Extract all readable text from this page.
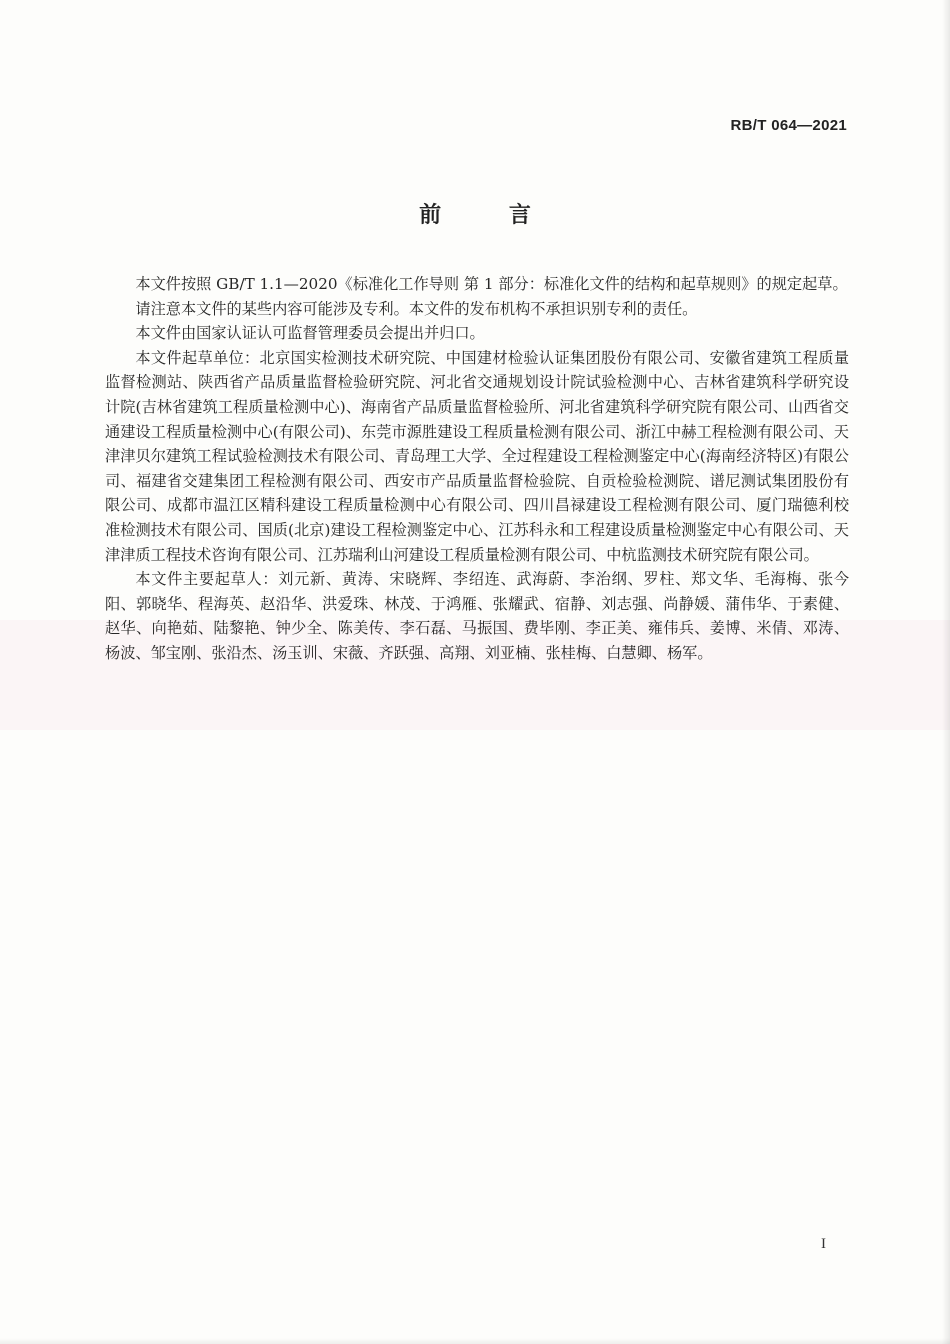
RB/T 064—2021
前 言

本文件按照 GB/T 1.1—2020《标准化工作导则 第 1 部分：标准化文件的结构和起草规则》的规定起草。

请注意本文件的某些内容可能涉及专利。本文件的发布机构不承担识别专利的责任。

本文件由国家认证认可监督管理委员会提出并归口。

本文件起草单位：北京国实检测技术研究院、中国建材检验认证集团股份有限公司、安徽省建筑工程质量监督检测站、陕西省产品质量监督检验研究院、河北省交通规划设计院试验检测中心、吉林省建筑科学研究设计院(吉林省建筑工程质量检测中心)、海南省产品质量监督检验所、河北省建筑科学研究院有限公司、山西省交通建设工程质量检测中心(有限公司)、东莞市源胜建设工程质量检测有限公司、浙江中赫工程检测有限公司、天津津贝尔建筑工程试验检测技术有限公司、青岛理工大学、全过程建设工程检测鉴定中心(海南经济特区)有限公司、福建省交建集团工程检测有限公司、西安市产品质量监督检验院、自贡检验检测院、谱尼测试集团股份有限公司、成都市温江区精科建设工程质量检测中心有限公司、四川昌禄建设工程检测有限公司、厦门瑞德利校准检测技术有限公司、国质(北京)建设工程检测鉴定中心、江苏科永和工程建设质量检测鉴定中心有限公司、天津津质工程技术咨询有限公司、江苏瑞利山河建设工程质量检测有限公司、中杭监测技术研究院有限公司。

本文件主要起草人：刘元新、黄涛、宋晓辉、李绍连、武海蔚、李治纲、罗柱、郑文华、毛海梅、张今阳、郭晓华、程海英、赵沿华、洪爱珠、林茂、于鸿雁、张耀武、宿静、刘志强、尚静媛、蒲伟华、于素健、赵华、向艳茹、陆黎艳、钟少全、陈美传、李石磊、马振国、费毕刚、李正美、雍伟兵、姜博、米倩、邓涛、杨波、邹宝刚、张沿杰、汤玉训、宋薇、齐跃强、高翔、刘亚楠、张桂梅、白慧卿、杨军。

I
